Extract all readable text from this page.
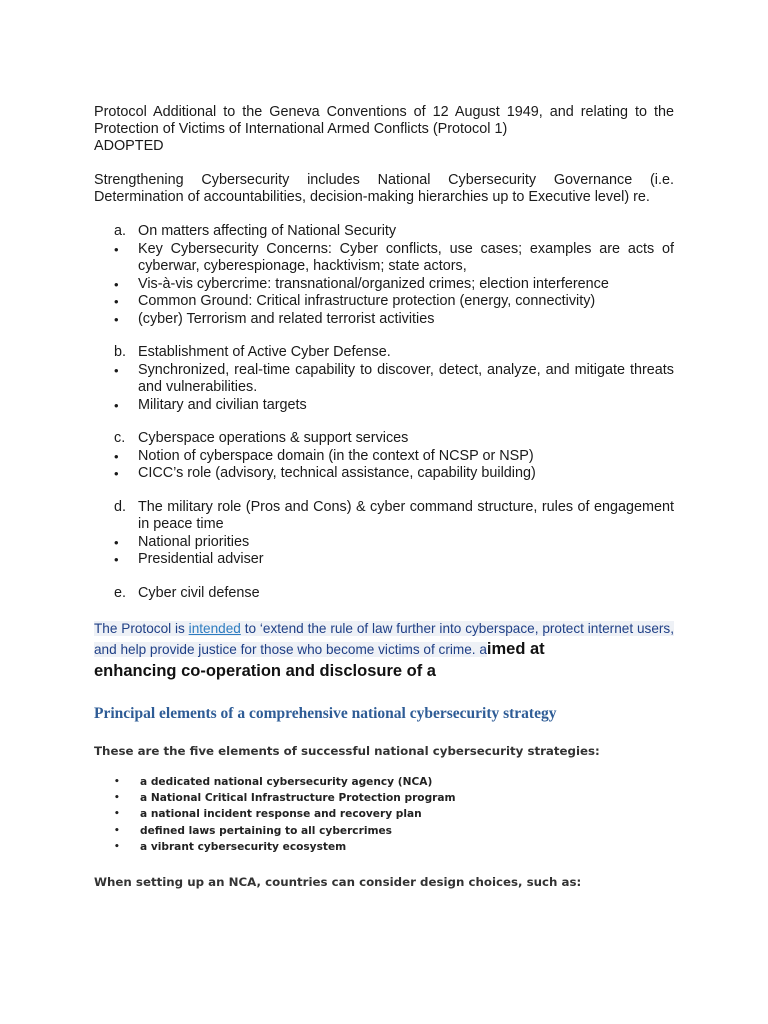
Protocol Additional to the Geneva Conventions of 12 August 1949, and relating to the Protection of Victims of International Armed Conflicts (Protocol 1)

ADOPTED

Strengthening Cybersecurity includes National Cybersecurity Governance (i.e. Determination of accountabilities, decision-making hierarchies up to Executive level) re.

a. On matters affecting of National Security
•	Key Cybersecurity Concerns: Cyber conflicts, use cases; examples are acts of cyberwar, cyberespionage, hacktivism; state actors,
•	Vis-à-vis cybercrime: transnational/organized crimes; election interference
•	Common Ground: Critical infrastructure protection (energy, connectivity)
•	(cyber) Terrorism and related terrorist activities
b. Establishment of Active Cyber Defense.
•	Synchronized, real-time capability to discover, detect, analyze, and mitigate threats and vulnerabilities.
•	Military and civilian targets
c. Cyberspace operations & support services
•	Notion of cyberspace domain (in the context of NCSP or NSP)
•	CICC’s role (advisory, technical assistance, capability building)
d. The military role (Pros and Cons) & cyber command structure, rules of engagement in peace time
•	National priorities
•	Presidential adviser
e. Cyber civil defense

The Protocol is intended to ‘extend the rule of law further into cyberspace, protect internet users, and help provide justice for those who become victims of crime. aimed at
enhancing co-operation and disclosure of a

Principal elements of a comprehensive national cybersecurity strategy

These are the five elements of successful national cybersecurity strategies:

•	a dedicated national cybersecurity agency (NCA)
•	a National Critical Infrastructure Protection program
•	a national incident response and recovery plan
•	defined laws pertaining to all cybercrimes
•	a vibrant cybersecurity ecosystem

When setting up an NCA, countries can consider design choices, such as:
